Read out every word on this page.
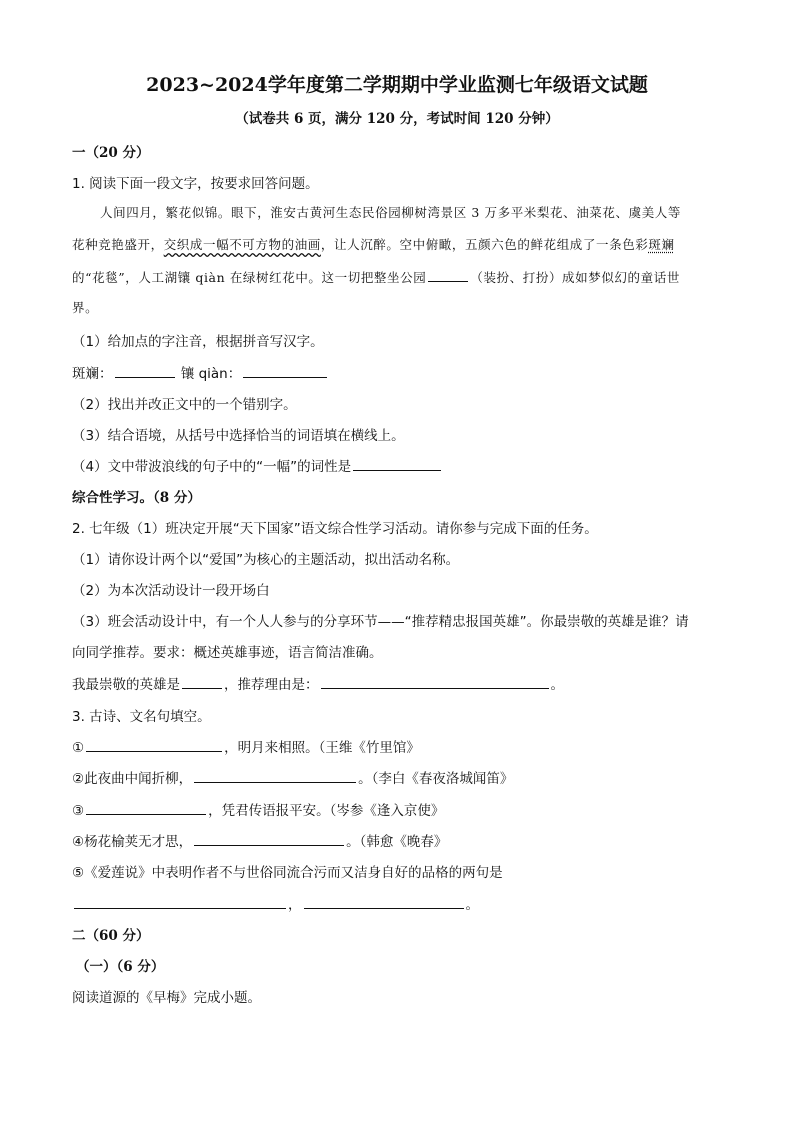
2023~2024学年度第二学期期中学业监测七年级语文试题
（试卷共 6 页，满分 120 分，考试时间 120 分钟）
一（20 分）
1. 阅读下面一段文字，按要求回答问题。
人间四月，繁花似锦。眼下，淮安古黄河生态民俗园柳树湾景区 3 万多平米梨花、油菜花、虞美人等
花种竞艳盛开，交织成一幅不可方物的油画，让人沉醉。空中俯瞰，五颜六色的鲜花组成了一条色彩斑斓
的“花毯”，人工湖镶 qiàn 在绿树红花中。这一切把整坐公园	（装扮、打扮）成如梦似幻的童话世
界。
（1）给加点的字注音，根据拼音写汉字。
斑斓：	镶 qiàn：
（2）找出并改正文中的一个错别字。
（3）结合语境，从括号中选择恰当的词语填在横线上。
（4）文中带波浪线的句子中的“一幅”的词性是
综合性学习。（8 分）
2. 七年级（1）班决定开展“天下国家”语文综合性学习活动。请你参与完成下面的任务。
（1）请你设计两个以“爱国”为核心的主题活动，拟出活动名称。
（2）为本次活动设计一段开场白
（3）班会活动设计中，有一个人人参与的分享环节——“推荐精忠报国英雄”。你最崇敬的英雄是谁？请
向同学推荐。要求：概述英雄事迹，语言简洁准确。
我最崇敬的英雄是	，推荐理由是：	。
3. 古诗、文名句填空。
①	，明月来相照。（王维《竹里馆》
②此夜曲中闻折柳，	。（李白《春夜洛城闻笛》
③	，凭君传语报平安。（岑参《逢入京使》
④杨花榆荚无才思，	。（韩愈《晚春》
⑤《爱莲说》中表明作者不与世俗同流合污而又洁身自好的品格的两句是
，	。
二（60 分）
（一）（6 分）
阅读道源的《早梅》完成小题。
